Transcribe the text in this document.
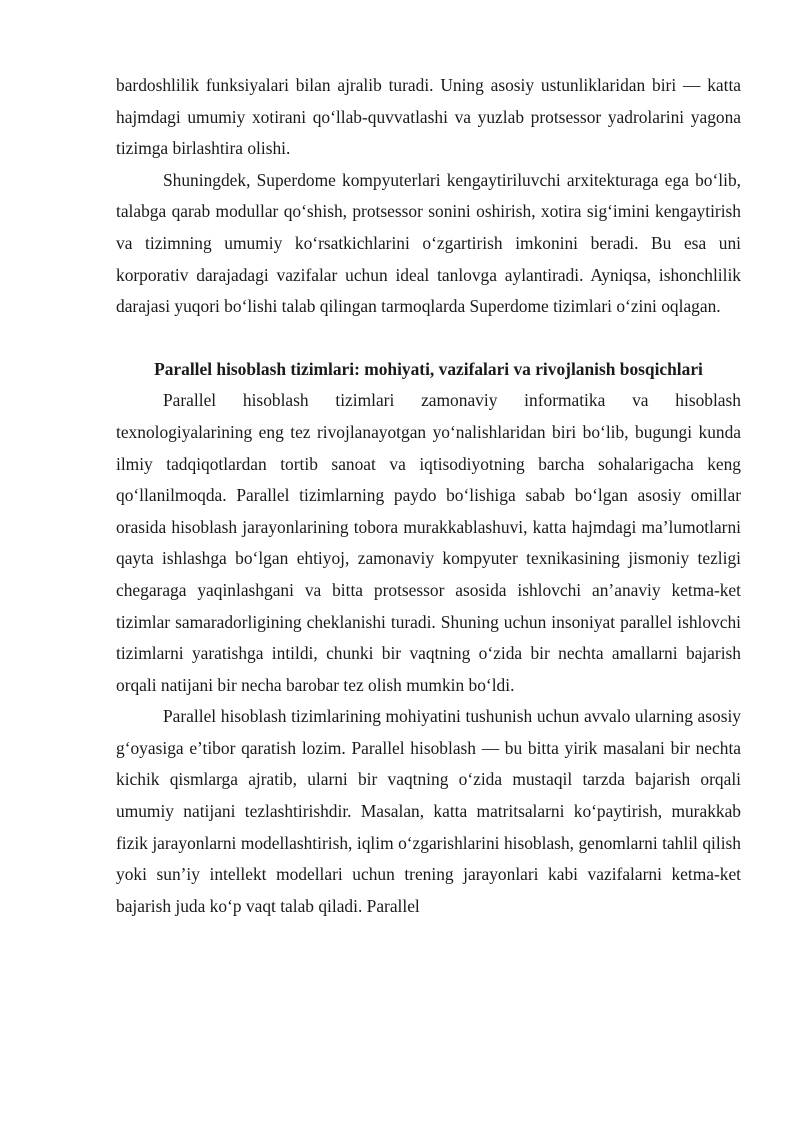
bardoshlilik funksiyalari bilan ajralib turadi. Uning asosiy ustunliklaridan biri — katta hajmdagi umumiy xotirani qo‘llab-quvvatlashi va yuzlab protsessor yadrolarini yagona tizimga birlashtira olishi.

Shuningdek, Superdome kompyuterlari kengaytiriluvchi arxitekturaga ega bo‘lib, talabga qarab modullar qo‘shish, protsessor sonini oshirish, xotira sig‘imini kengaytirish va tizimning umumiy ko‘rsatkichlarini o‘zgartirish imkonini beradi. Bu esa uni korporativ darajadagi vazifalar uchun ideal tanlovga aylantiradi. Ayniqsa, ishonchlilik darajasi yuqori bo‘lishi talab qilingan tarmoqlarda Superdome tizimlari o‘zini oqlagan.

Parallel hisoblash tizimlari: mohiyati, vazifalari va rivojlanish bosqichlari

Parallel hisoblash tizimlari zamonaviy informatika va hisoblash texnologiyalarining eng tez rivojlanayotgan yo‘nalishlaridan biri bo‘lib, bugungi kunda ilmiy tadqiqotlardan tortib sanoat va iqtisodiyotning barcha sohalarigacha keng qo‘llanilmoqda. Parallel tizimlarning paydo bo‘lishiga sabab bo‘lgan asosiy omillar orasida hisoblash jarayonlarining tobora murakkablashuvi, katta hajmdagi ma’lumotlarni qayta ishlashga bo‘lgan ehtiyoj, zamonaviy kompyuter texnikasining jismoniy tezligi chegaraga yaqinlashgani va bitta protsessor asosida ishlovchi an’anaviy ketma-ket tizimlar samaradorligining cheklanishi turadi. Shuning uchun insoniyat parallel ishlovchi tizimlarni yaratishga intildi, chunki bir vaqtning o‘zida bir nechta amallarni bajarish orqali natijani bir necha barobar tez olish mumkin bo‘ldi.

Parallel hisoblash tizimlarining mohiyatini tushunish uchun avvalo ularning asosiy g‘oyasiga e’tibor qaratish lozim. Parallel hisoblash — bu bitta yirik masalani bir nechta kichik qismlarga ajratib, ularni bir vaqtning o‘zida mustaqil tarzda bajarish orqali umumiy natijani tezlashtirishdir. Masalan, katta matritsalarni ko‘paytirish, murakkab fizik jarayonlarni modellashtirish, iqlim o‘zgarishlarini hisoblash, genomlarni tahlil qilish yoki sun’iy intellekt modellari uchun trening jarayonlari kabi vazifalarni ketma-ket bajarish juda ko‘p vaqt talab qiladi. Parallel
